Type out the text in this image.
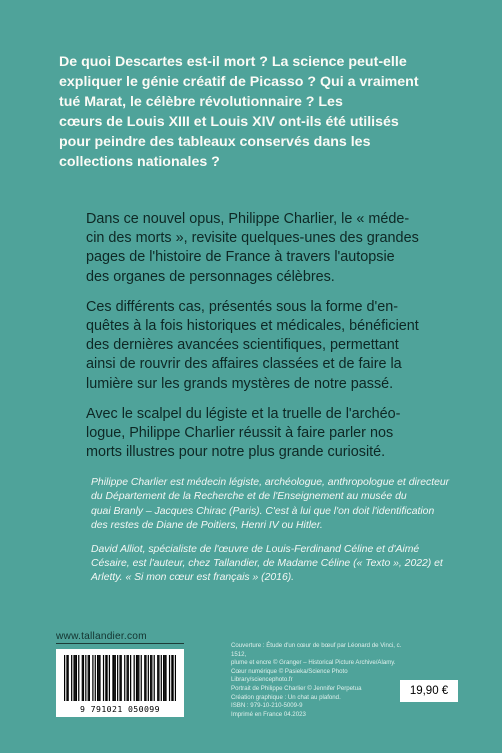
De quoi Descartes est-il mort ? La science peut-elle
expliquer le génie créatif de Picasso ? Qui a vraiment
tué Marat, le célèbre révolutionnaire ? Les
cœurs de Louis XIII et Louis XIV ont-ils été utilisés
pour peindre des tableaux conservés dans les
collections nationales ?

Dans ce nouvel opus, Philippe Charlier, le « méde-
cin des morts », revisite quelques-unes des grandes
pages de l'histoire de France à travers l'autopsie
des organes de personnages célèbres.

Ces différents cas, présentés sous la forme d'en-
quêtes à la fois historiques et médicales, bénéficient
des dernières avancées scientifiques, permettant
ainsi de rouvrir des affaires classées et de faire la
lumière sur les grands mystères de notre passé.

Avec le scalpel du légiste et la truelle de l'archéo-
logue, Philippe Charlier réussit à faire parler nos
morts illustres pour notre plus grande curiosité.

Philippe Charlier est médecin légiste, archéologue, anthropologue et directeur
du Département de la Recherche et de l'Enseignement au musée du
quai Branly – Jacques Chirac (Paris). C'est à lui que l'on doit l'identification
des restes de Diane de Poitiers, Henri IV ou Hitler.

David Alliot, spécialiste de l'œuvre de Louis-Ferdinand Céline et d'Aimé
Césaire, est l'auteur, chez Tallandier, de Madame Céline (« Texto », 2022) et
Arletty. « Si mon cœur est français » (2016).

www.tallandier.com
9 791021 050099
Couverture : Étude d'un cœur de bœuf par Léonard de Vinci, c. 1512,
plume et encre © Granger – Historical Picture Archive/Alamy.
Cœur numérique © Pasieka/Science Photo Library/sciencephoto.fr
Portrait de Philippe Charlier © Jennifer Perpetua
Création graphique : Un chat au plafond.
ISBN : 979-10-210-5009-9
Imprimé en France 04.2023
19,90 €
